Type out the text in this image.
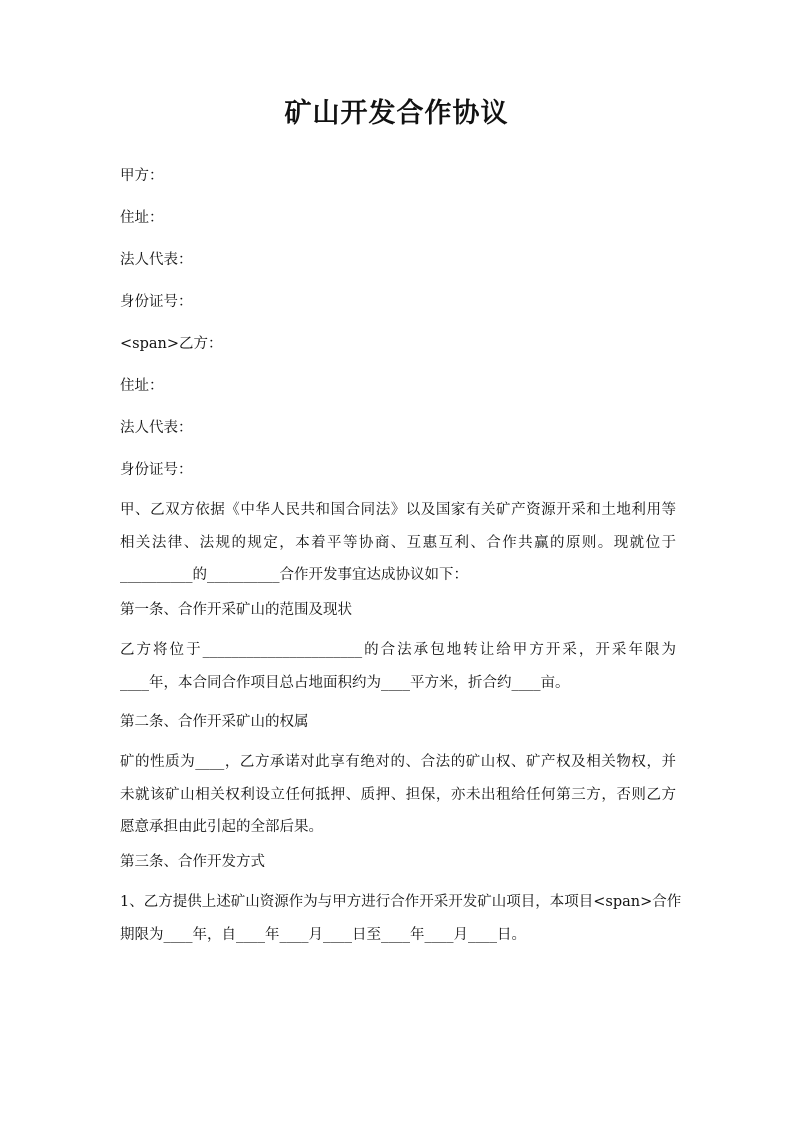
矿山开发合作协议

甲方：

住址：

法人代表：

身份证号：

<span>乙方：

住址：

法人代表：

身份证号：

甲、乙双方依据《中华人民共和国合同法》以及国家有关矿产资源开采和土地利用等
相关法律、法规的规定，本着平等协商、互惠互利、合作共赢的原则。现就位于
__________的__________合作开发事宜达成协议如下：

第一条、合作开采矿山的范围及现状

乙方将位于______________________的合法承包地转让给甲方开采，开采年限为
____年，本合同合作项目总占地面积约为____平方米，折合约____亩。

第二条、合作开采矿山的权属

矿的性质为____，乙方承诺对此享有绝对的、合法的矿山权、矿产权及相关物权，并
未就该矿山相关权利设立任何抵押、质押、担保，亦未出租给任何第三方，否则乙方
愿意承担由此引起的全部后果。

第三条、合作开发方式

1、乙方提供上述矿山资源作为与甲方进行合作开采开发矿山项目，本项目<span>合作
期限为____年，自____年____月____日至____年____月____日。
